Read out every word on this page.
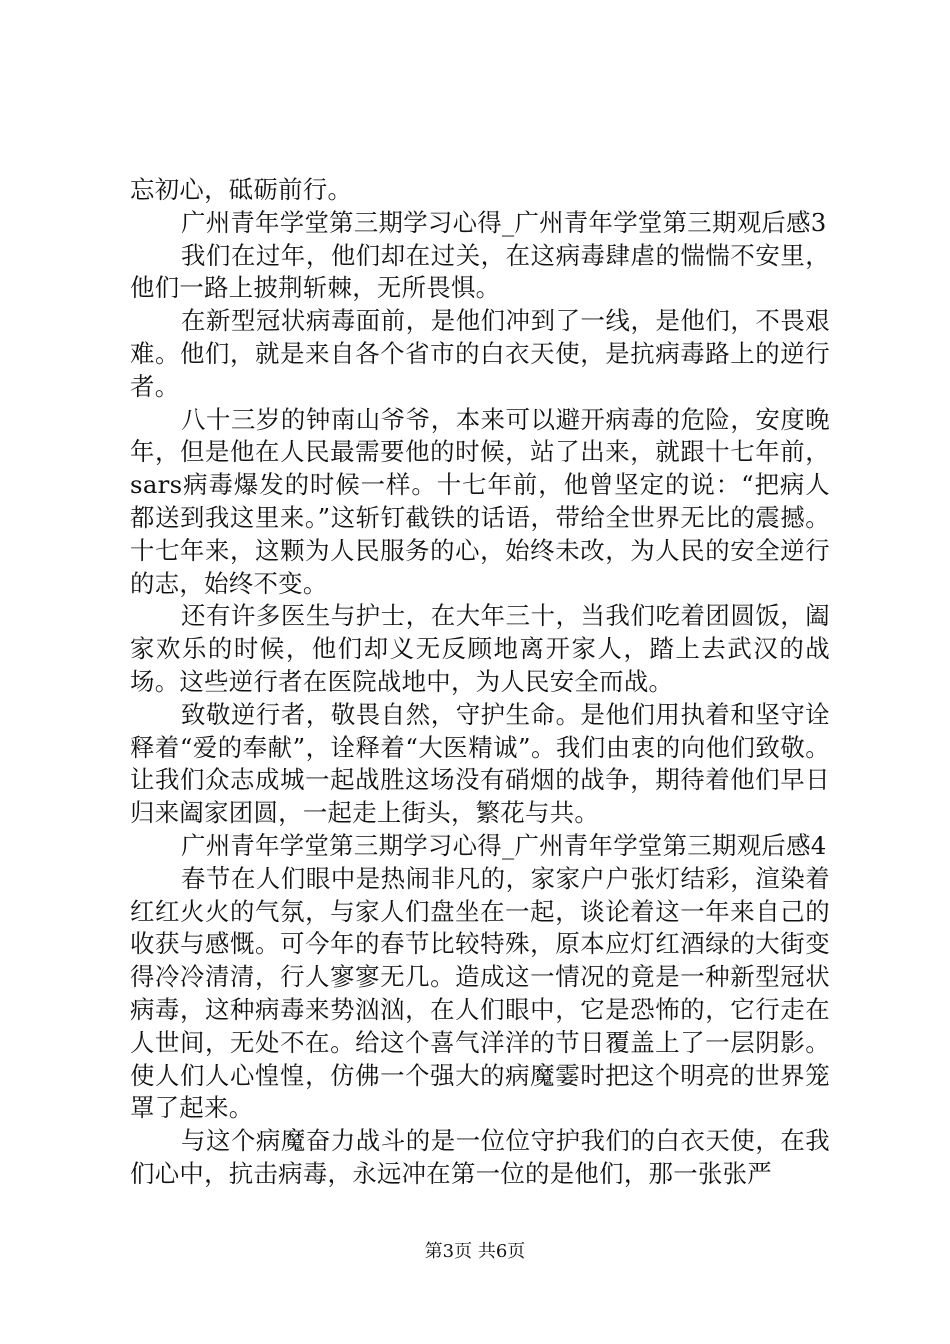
忘初心，砥砺前行。

广州青年学堂第三期学习心得_广州青年学堂第三期观后感3

我们在过年，他们却在过关，在这病毒肆虐的惴惴不安里，他们一路上披荆斩棘，无所畏惧。

在新型冠状病毒面前，是他们冲到了一线，是他们，不畏艰难。他们，就是来自各个省市的白衣天使，是抗病毒路上的逆行者。

八十三岁的钟南山爷爷，本来可以避开病毒的危险，安度晚年，但是他在人民最需要他的时候，站了出来，就跟十七年前，sars病毒爆发的时候一样。十七年前，他曾坚定的说：“把病人都送到我这里来。”这斩钉截铁的话语，带给全世界无比的震撼。十七年来，这颗为人民服务的心，始终未改，为人民的安全逆行的志，始终不变。

还有许多医生与护士，在大年三十，当我们吃着团圆饭，阖家欢乐的时候，他们却义无反顾地离开家人，踏上去武汉的战场。这些逆行者在医院战地中，为人民安全而战。

致敬逆行者，敬畏自然，守护生命。是他们用执着和坚守诠释着“爱的奉献”，诠释着“大医精诚”。我们由衷的向他们致敬。让我们众志成城一起战胜这场没有硝烟的战争，期待着他们早日归来阖家团圆，一起走上街头，繁花与共。

广州青年学堂第三期学习心得_广州青年学堂第三期观后感4

春节在人们眼中是热闹非凡的，家家户户张灯结彩，渲染着红红火火的气氛，与家人们盘坐在一起，谈论着这一年来自己的收获与感慨。可今年的春节比较特殊，原本应灯红酒绿的大街变得冷冷清清，行人寥寥无几。造成这一情况的竟是一种新型冠状病毒，这种病毒来势汹汹，在人们眼中，它是恐怖的，它行走在人世间，无处不在。给这个喜气洋洋的节日覆盖上了一层阴影。使人们人心惶惶，仿佛一个强大的病魔霎时把这个明亮的世界笼罩了起来。

与这个病魔奋力战斗的是一位位守护我们的白衣天使，在我们心中，抗击病毒，永远冲在第一位的是他们，那一张张严

第3页 共6页
